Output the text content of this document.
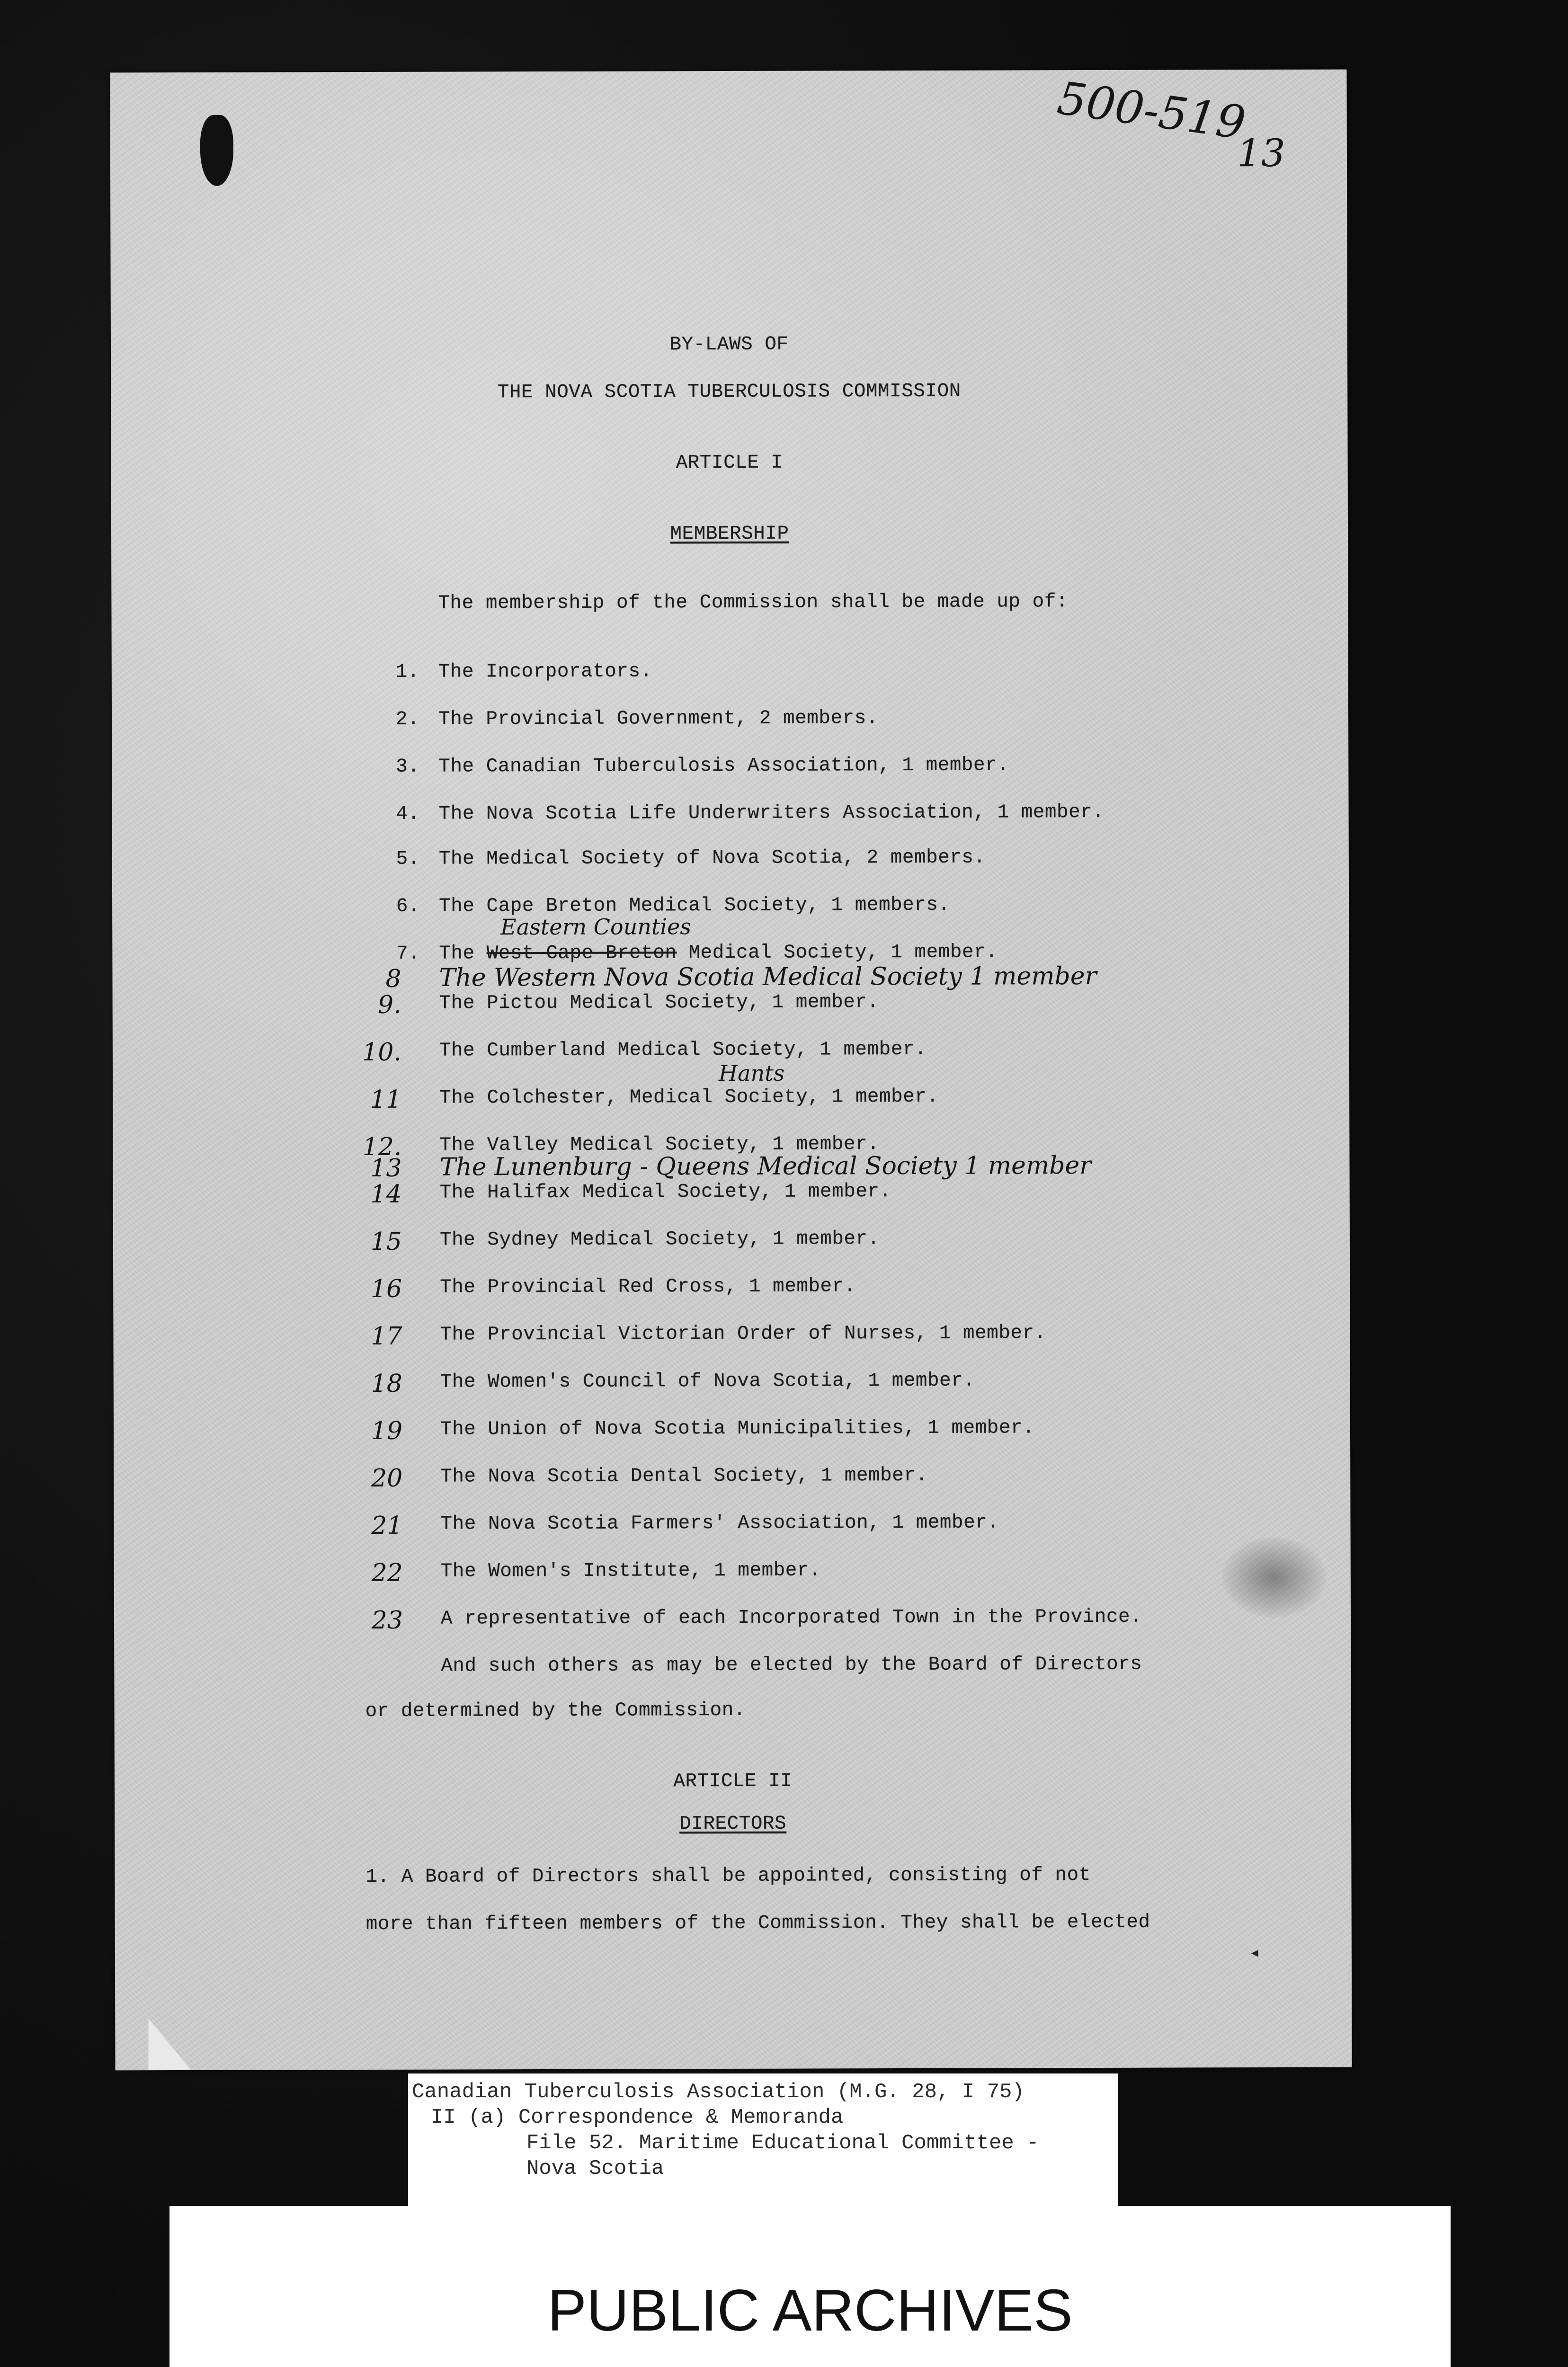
500-519
13
BY-LAWS OF
THE NOVA SCOTIA TUBERCULOSIS COMMISSION
ARTICLE I
MEMBERSHIP
The membership of the Commission shall be made up of:
1. The Incorporators.
2. The Provincial Government, 2 members.
3. The Canadian Tuberculosis Association, 1 member.
4. The Nova Scotia Life Underwriters Association, 1 member.
5. The Medical Society of Nova Scotia, 2 members.
6. The Cape Breton Medical Society, 1 members.
Eastern Counties
7. The West Cape Breton Medical Society, 1 member.
8 The Western Nova Scotia Medical Society 1 member
9. The Pictou Medical Society, 1 member.
10. The Cumberland Medical Society, 1 member.
Hants
11 The Colchester, Medical Society, 1 member.
12. The Valley Medical Society, 1 member.
13 The Lunenburg - Queens Medical Society 1 member
14 The Halifax Medical Society, 1 member.
15 The Sydney Medical Society, 1 member.
16 The Provincial Red Cross, 1 member.
17 The Provincial Victorian Order of Nurses, 1 member.
18 The Women's Council of Nova Scotia, 1 member.
19 The Union of Nova Scotia Municipalities, 1 member.
20 The Nova Scotia Dental Society, 1 member.
21 The Nova Scotia Farmers' Association, 1 member.
22 The Women's Institute, 1 member.
23 A representative of each Incorporated Town in the Province.
And such others as may be elected by the Board of Directors
or determined by the Commission.
ARTICLE II
DIRECTORS
1. A Board of Directors shall be appointed, consisting of not
more than fifteen members of the Commission. They shall be elected
◂
Canadian Tuberculosis Association (M.G. 28, I 75)
II (a) Correspondence & Memoranda
File 52. Maritime Educational Committee -
Nova Scotia
PUBLIC ARCHIVES
